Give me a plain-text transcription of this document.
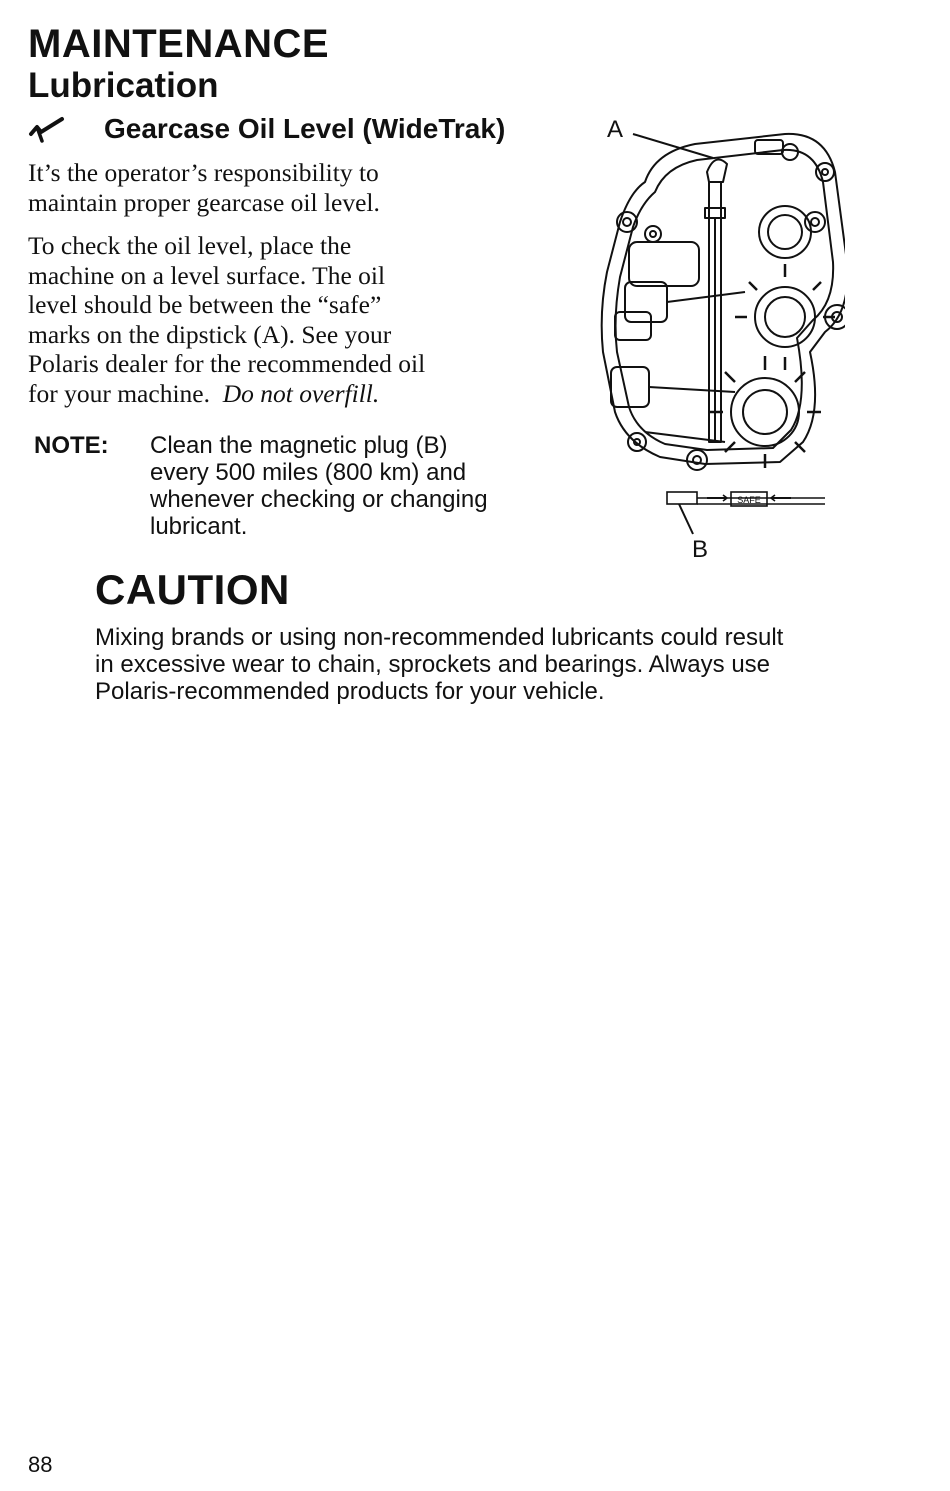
MAINTENANCE
Lubrication
Gearcase Oil Level (WideTrak)
It’s the operator’s responsibility to
maintain proper gearcase oil level.
To check the oil level, place the
machine on a level surface. The oil
level should be between the “safe”
marks on the dipstick (A). See your
Polaris dealer for the recommended oil
for your machine.  Do not overfill.
NOTE: Clean the magnetic plug (B)
every 500 miles (800 km) and
whenever checking or changing
lubricant.
SAFE
A
B
CAUTION
Mixing brands or using non-recommended lubricants could result
in excessive wear to chain, sprockets and bearings. Always use
Polaris-recommended products for your vehicle.
88
